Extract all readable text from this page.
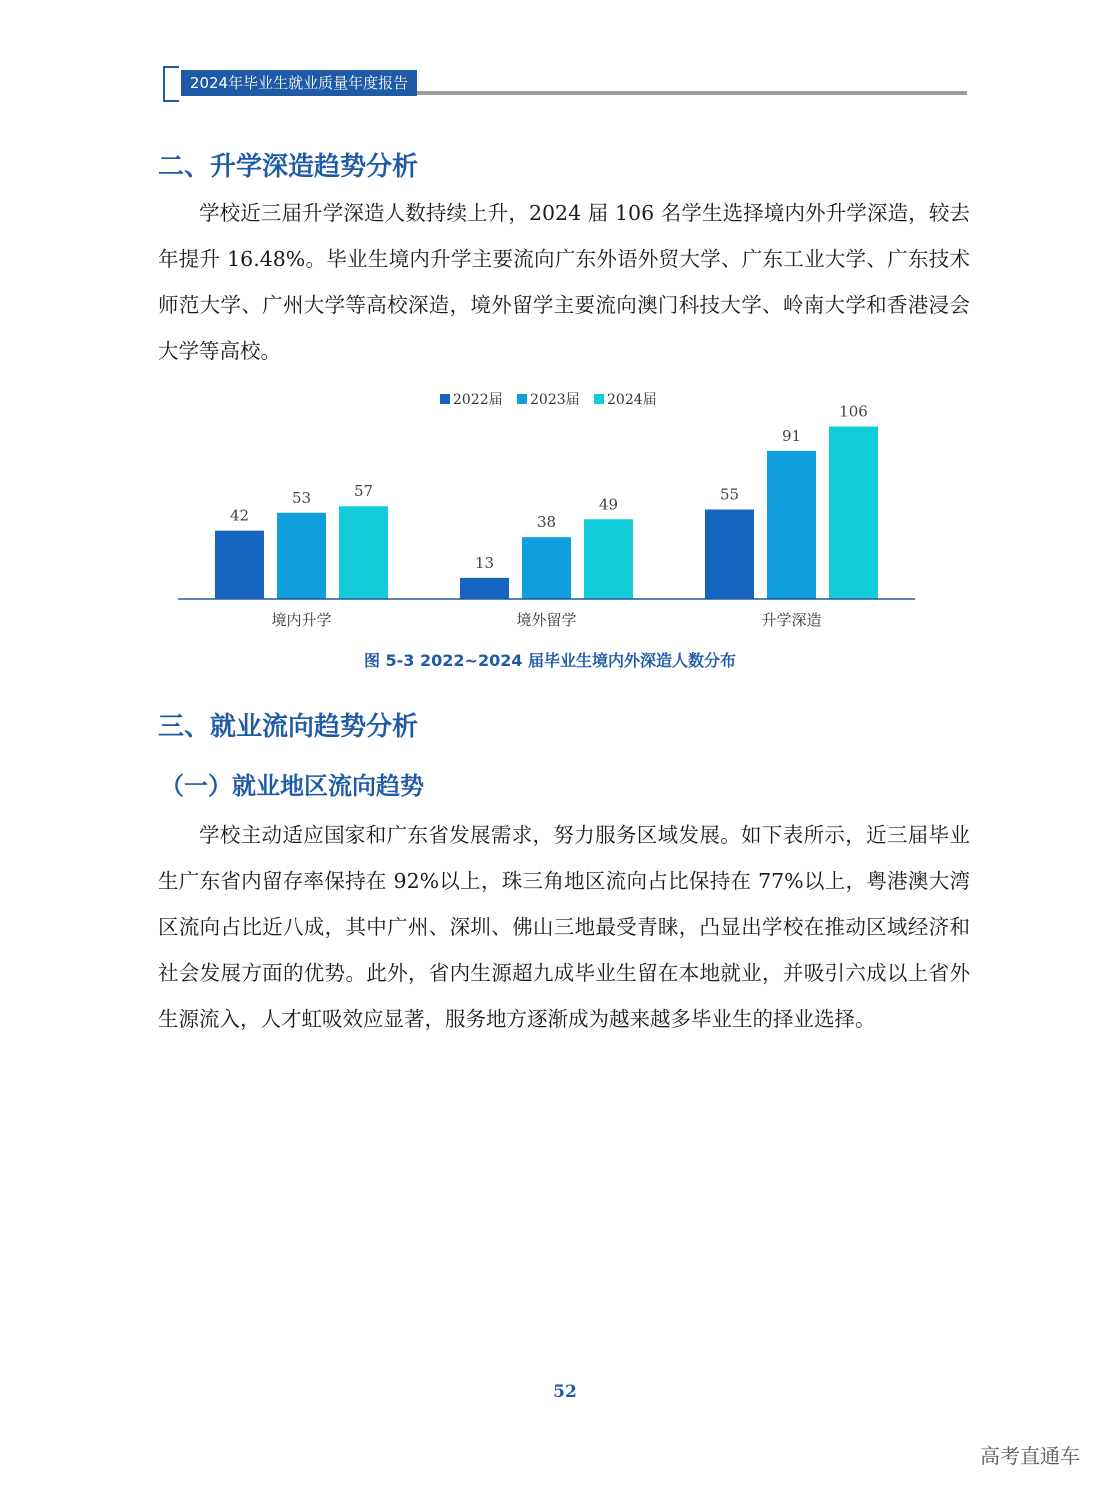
2024年毕业生就业质量年度报告
二、升学深造趋势分析

学校近三届升学深造人数持续上升，2024 届 106 名学生选择境内外升学深造，较去年提升 16.48%。毕业生境内升学主要流向广东外语外贸大学、广东工业大学、广东技术师范大学、广州大学等高校深造，境外留学主要流向澳门科技大学、岭南大学和香港浸会大学等高校。

2022届 2023届 2024届
42
53	57
13
38
49
55
91
106
境内升学	境外留学	升学深造
图 5-3 2022~2024 届毕业生境内外深造人数分布
三、就业流向趋势分析
（一）就业地区流向趋势

学校主动适应国家和广东省发展需求，努力服务区域发展。如下表所示，近三届毕业生广东省内留存率保持在 92%以上，珠三角地区流向占比保持在 77%以上，粤港澳大湾区流向占比近八成，其中广州、深圳、佛山三地最受青睐，凸显出学校在推动区域经济和社会发展方面的优势。此外，省内生源超九成毕业生留在本地就业，并吸引六成以上省外生源流入，人才虹吸效应显著，服务地方逐渐成为越来越多毕业生的择业选择。

52
高考直通车
